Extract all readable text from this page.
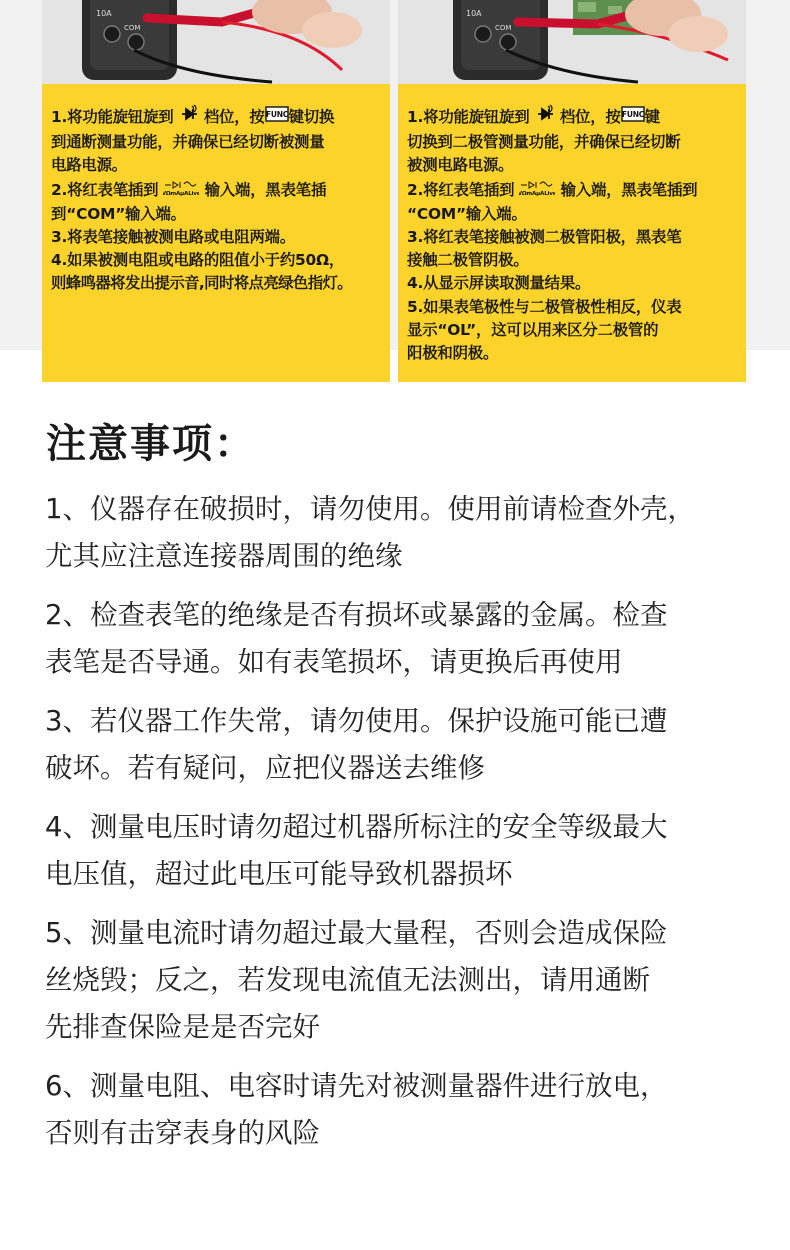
10A
COM
10A
COM

1.将功能旋钮旋到  档位，按 FUNC 键切换

到通断测量功能，并确保已经切断被测量

电路电源。

2.将红表笔插到
VΩmAμALive
输入端，黑表笔插

到“COM”输入端。

3.将表笔接触被测电路或电阻两端。

4.如果被测电阻或电路的阻值小于约50Ω，

则蜂鸣器将发出提示音,同时将点亮绿色指灯。

1.将功能旋钮旋到  档位，按 FUNC 键

切换到二极管测量功能，并确保已经切断

被测电路电源。

2.将红表笔插到
VΩmAμALive
输入端，黑表笔插到

“COM”输入端。

3.将红表笔接触被测二极管阳极，黑表笔

接触二极管阴极。

4.从显示屏读取测量结果。

5.如果表笔极性与二极管极性相反，仪表

显示“OL”，这可以用来区分二极管的

阳极和阴极。

注意事项：
1、仪器存在破损时，请勿使用。使用前请检查外壳，
尤其应注意连接器周围的绝缘
2、检查表笔的绝缘是否有损坏或暴露的金属。检查
表笔是否导通。如有表笔损坏，请更换后再使用
3、若仪器工作失常，请勿使用。保护设施可能已遭
破坏。若有疑问，应把仪器送去维修
4、测量电压时请勿超过机器所标注的安全等级最大
电压值，超过此电压可能导致机器损坏
5、测量电流时请勿超过最大量程，否则会造成保险
丝烧毁；反之，若发现电流值无法测出，请用通断
先排查保险是是否完好
6、测量电阻、电容时请先对被测量器件进行放电，
否则有击穿表身的风险
